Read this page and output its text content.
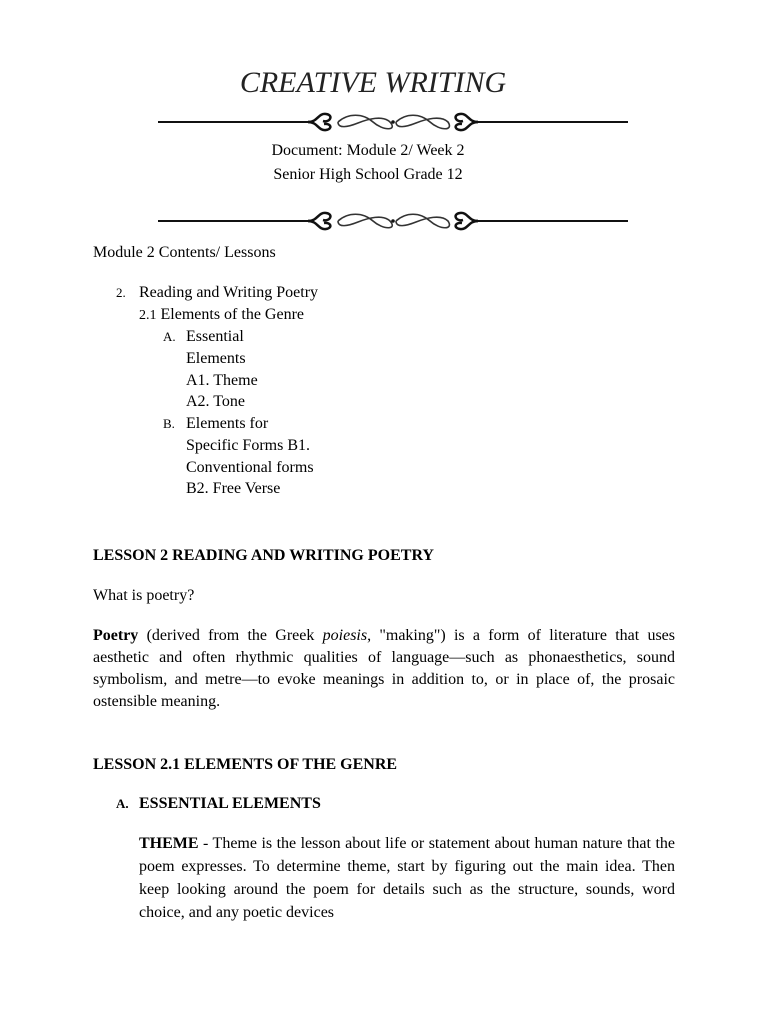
CREATIVE WRITING
Document: Module 2/ Week 2
Senior High School Grade 12
Module 2 Contents/ Lessons
2. Reading and Writing Poetry
2.1 Elements of the Genre
A. Essential
Elements
A1. Theme
A2. Tone
B. Elements for
Specific Forms B1.
Conventional forms
B2. Free Verse
LESSON 2 READING AND WRITING POETRY
What is poetry?
Poetry (derived from the Greek poiesis, "making") is a form of literature that uses aesthetic and often rhythmic qualities of language—such as phonaesthetics, sound symbolism, and metre—to evoke meanings in addition to, or in place of, the prosaic ostensible meaning.
LESSON 2.1 ELEMENTS OF THE GENRE
A. ESSENTIAL ELEMENTS
THEME - Theme is the lesson about life or statement about human nature that the poem expresses. To determine theme, start by figuring out the main idea. Then keep looking around the poem for details such as the structure, sounds, word choice, and any poetic devices
